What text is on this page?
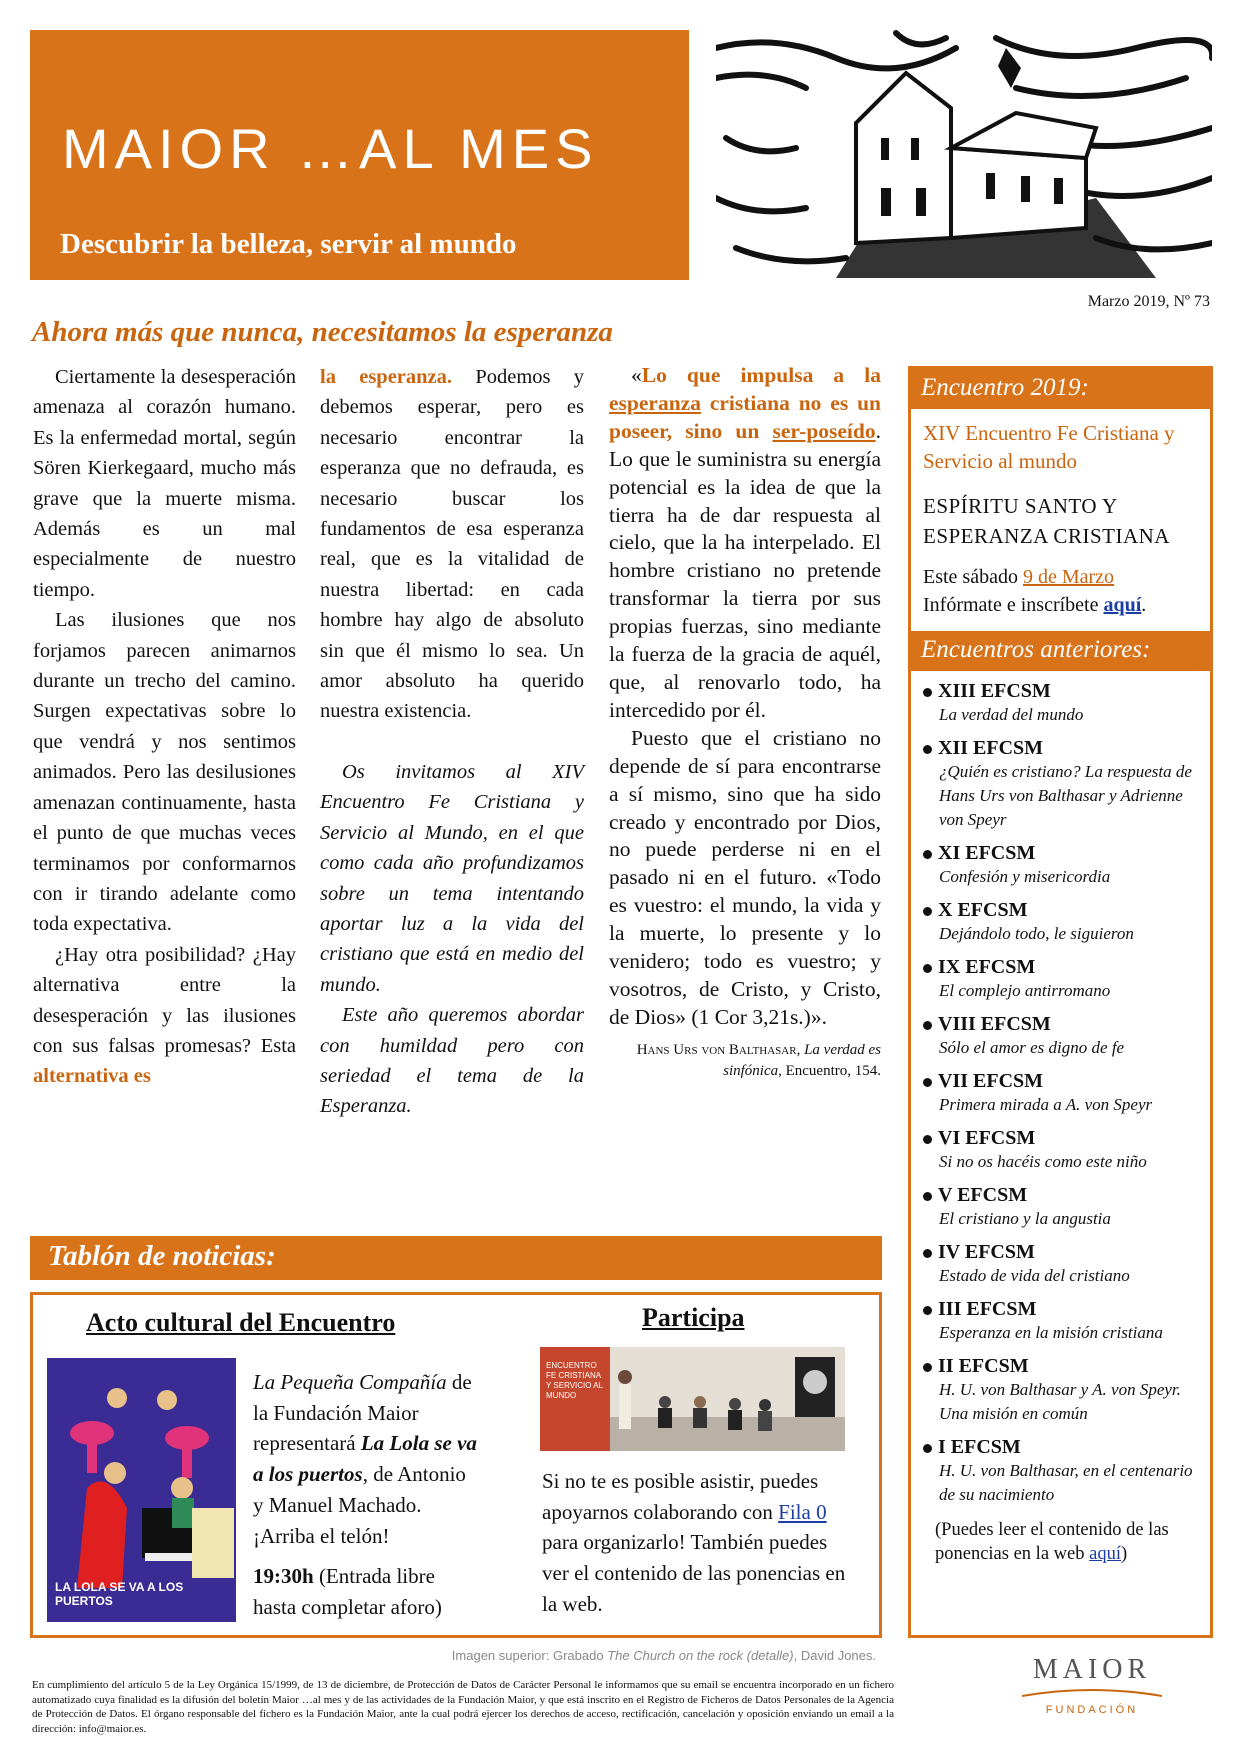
MAIOR …AL MES
Descubrir la belleza, servir al mundo
Marzo 2019, Nº 73
Ahora más que nunca, necesitamos la esperanza

Ciertamente la desesperación amenaza al corazón humano. Es la enfermedad mortal, según Sören Kierkegaard, mucho más grave que la muerte misma. Además es un mal especialmente de nuestro tiempo.

Las ilusiones que nos forjamos parecen animarnos durante un trecho del camino. Surgen expectativas sobre lo que vendrá y nos sentimos animados. Pero las desilusiones amenazan continuamente, hasta el punto de que muchas veces terminamos por conformarnos con ir tirando adelante como toda expectativa.

¿Hay otra posibilidad? ¿Hay alternativa entre la desesperación y las ilusiones con sus falsas promesas? Esta alternativa es

la esperanza. Podemos y debemos esperar, pero es necesario encontrar la esperanza que no defrauda, es necesario buscar los fundamentos de esa esperanza real, que es la vitalidad de nuestra libertad: en cada hombre hay algo de absoluto sin que él mismo lo sea. Un amor absoluto ha querido nuestra existencia.

Os invitamos al XIV Encuentro Fe Cristiana y Servicio al Mundo, en el que como cada año profundizamos sobre un tema intentando aportar luz a la vida del cristiano que está en medio del mundo.

Este año queremos abordar con humildad pero con seriedad el tema de la Esperanza.

«Lo que impulsa a la esperanza cristiana no es un poseer, sino un ser-poseído. Lo que le suministra su energía potencial es la idea de que la tierra ha de dar respuesta al cielo, que la ha interpelado. El hombre cristiano no pretende transformar la tierra por sus propias fuerzas, sino mediante la fuerza de la gracia de aquél, que, al renovarlo todo, ha intercedido por él.

Puesto que el cristiano no depende de sí para encontrarse a sí mismo, sino que ha sido creado y encontrado por Dios, no puede perderse ni en el pasado ni en el futuro. «Todo es vuestro: el mundo, la vida y la muerte, lo presente y lo venidero; todo es vuestro; y vosotros, de Cristo, y Cristo, de Dios» (1 Cor 3,21s.)».

Hans Urs von Balthasar, La verdad es sinfónica, Encuentro, 154.

Encuentro 2019:
XIV Encuentro Fe Cristiana y Servicio al mundo
ESPÍRITU SANTO Y
ESPERANZA CRISTIANA
Este sábado 9 de Marzo
Infórmate e inscríbete aquí.
Encuentros anteriores:
XIII EFCSM
La verdad del mundo
XII EFCSM
¿Quién es cristiano? La respuesta de Hans Urs von Balthasar y Adrienne von Speyr
XI EFCSM
Confesión y misericordia
X EFCSM
Dejándolo todo, le siguieron
IX EFCSM
El complejo antirromano
VIII EFCSM
Sólo el amor es digno de fe
VII EFCSM
Primera mirada a A. von Speyr
VI EFCSM
Si no os hacéis como este niño
V EFCSM
El cristiano y la angustia
IV EFCSM
Estado de vida del cristiano
III EFCSM
Esperanza en la misión cristiana
II EFCSM
H. U. von Balthasar y A. von Speyr. Una misión en común
I EFCSM
H. U. von Balthasar, en el centenario de su nacimiento
(Puedes leer el contenido de las ponencias en la web aquí)
Tablón de noticias:
Acto cultural del Encuentro
LA LOLA SE VA A LOS PUERTOS
La Pequeña Compañía de la Fundación Maior representará La Lola se va a los puertos, de Antonio y Manuel Machado. ¡Arriba el telón!
19:30h (Entrada libre hasta completar aforo)
Participa
ENCUENTRO FE CRISTIANA Y SERVICIO AL MUNDO
Si no te es posible asistir, puedes apoyarnos colaborando con Fila 0 para organizarlo! También puedes ver el contenido de las ponencias en la web.
Imagen superior: Grabado The Church on the rock (detalle), David Jones.
En cumplimiento del artículo 5 de la Ley Orgánica 15/1999, de 13 de diciembre, de Protección de Datos de Carácter Personal le informamos que su email se encuentra incorporado en un fichero automatizado cuya finalidad es la difusión del boletín Maior …al mes y de las actividades de la Fundación Maior, y que está inscrito en el Registro de Ficheros de Datos Personales de la Agencia de Protección de Datos. El órgano responsable del fichero es la Fundación Maior, ante la cual podrá ejercer los derechos de acceso, rectificación, cancelación y oposición enviando un email a la dirección: info@maior.es.
MAIOR
FUNDACIÓN
